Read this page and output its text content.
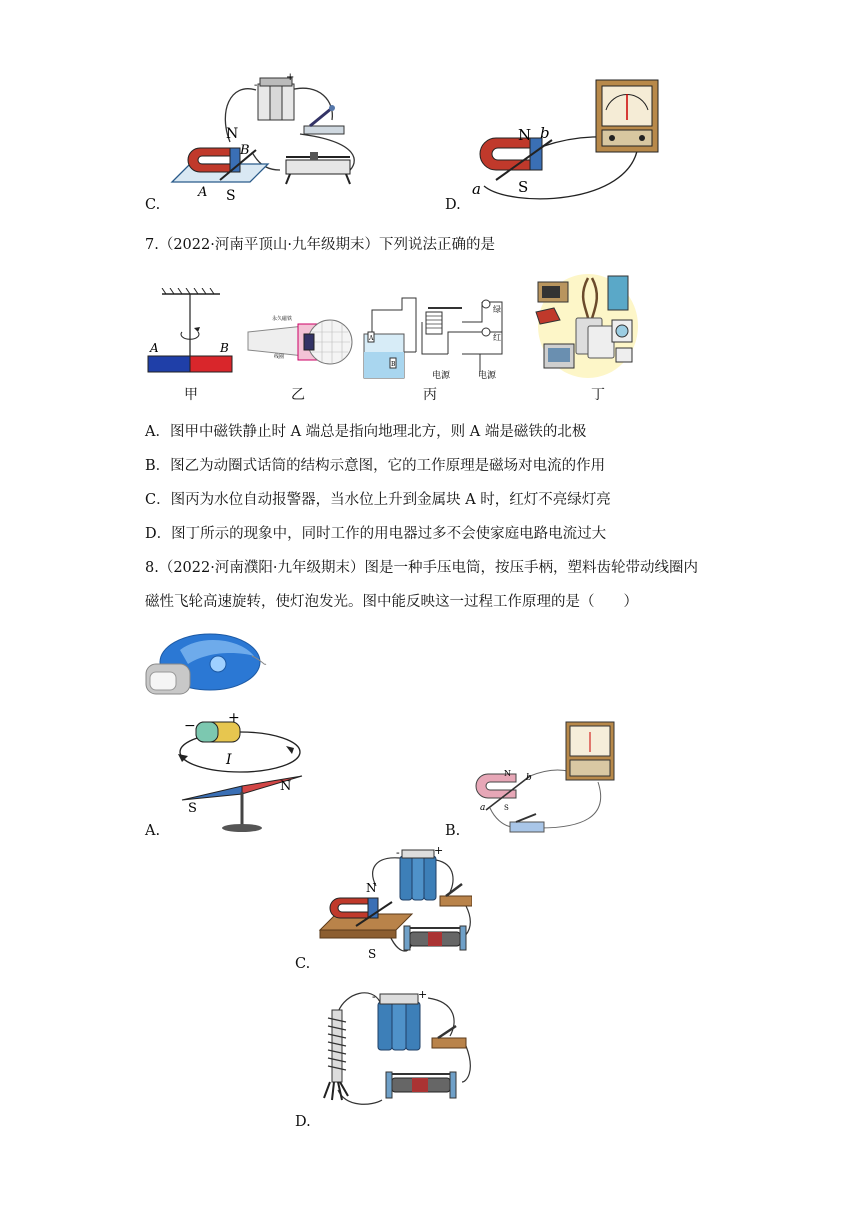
-
+
N
B
A S
C.
N b
a S
D.
7.（2022·河南平顶山·九年级期末）下列说法正确的是
A	B
甲
永久磁铁
线圈
乙
A
B
绿
红
电源	电源
丙	丁
A．图甲中磁铁静止时 A 端总是指向地理北方，则 A 端是磁铁的北极
B．图乙为动圈式话筒的结构示意图，它的工作原理是磁场对电流的作用
C．图丙为水位自动报警器，当水位上升到金属块 A 时，红灯不亮绿灯亮
D．图丁所示的现象中，同时工作的用电器过多不会使家庭电路电流过大
8.（2022·河南濮阳·九年级期末）图是一种手压电筒，按压手柄，塑料齿轮带动线圈内
磁性飞轮高速旋转，使灯泡发光。图中能反映这一过程工作原理的是（　　）
− +
I
S
N
A.
N b
a	S
B.
-	+
N
S
C.
-	+
D.
